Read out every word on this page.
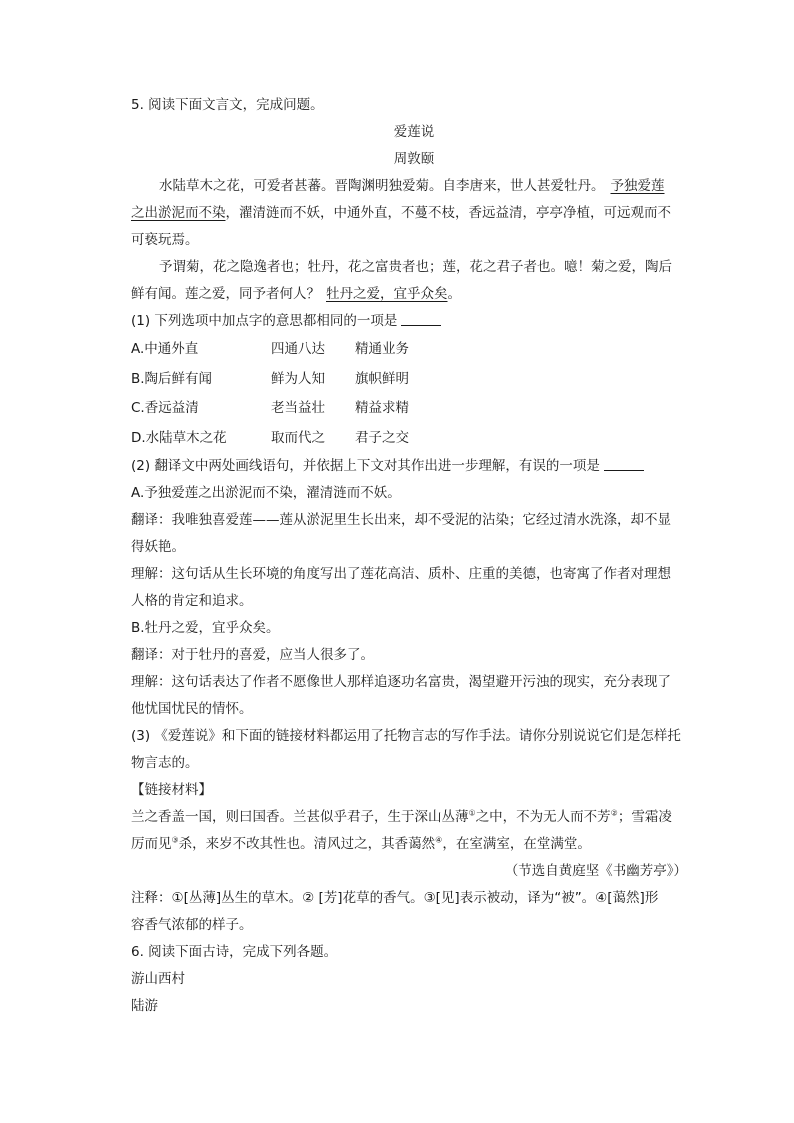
5. 阅读下面文言文，完成问题。
爱莲说
周敦颐
水陆草木之花，可爱者甚蕃。晋陶渊明独爱菊。自李唐来，世人甚爱牡丹。 予独爱莲
之出淤泥而不染，濯清涟而不妖，中通外直，不蔓不枝，香远益清，亭亭净植，可远观而不
可亵玩焉。
予谓菊，花之隐逸者也；牡丹，花之富贵者也；莲，花之君子者也。噫！菊之爱，陶后
鲜有闻。莲之爱，同予者何人？ 牡丹之爱，宜乎众矣。
(1) 下列选项中加点字的意思都相同的一项是
A.中通外直	四通八达	精通业务
B.陶后鲜有闻	鲜为人知	旗帜鲜明
C.香远益清	老当益壮	精益求精
D.水陆草木之花	取而代之	君子之交
(2) 翻译文中两处画线语句，并依据上下文对其作出进一步理解，有误的一项是
A.予独爱莲之出淤泥而不染，濯清涟而不妖。
翻译：我唯独喜爱莲——莲从淤泥里生长出来，却不受泥的沾染；它经过清水洗涤，却不显
得妖艳。
理解：这句话从生长环境的角度写出了莲花高洁、质朴、庄重的美德，也寄寓了作者对理想
人格的肯定和追求。
B.牡丹之爱，宜乎众矣。
翻译：对于牡丹的喜爱，应当人很多了。
理解：这句话表达了作者不愿像世人那样追逐功名富贵，渴望避开污浊的现实，充分表现了
他忧国忧民的情怀。
(3) 《爱莲说》和下面的链接材料都运用了托物言志的写作手法。请你分别说说它们是怎样托
物言志的。
【链接材料】
兰之香盖一国，则曰国香。兰甚似乎君子，生于深山丛薄①之中，不为无人而不芳②；雪霜凌
厉而见③杀，来岁不改其性也。清风过之，其香蔼然④，在室满室，在堂满堂。
（节选自黄庭坚《书幽芳亭》）
注释：①[丛薄]丛生的草木。② [芳]花草的香气。③[见]表示被动，译为“被”。④[蔼然]形
容香气浓郁的样子。
6. 阅读下面古诗，完成下列各题。
游山西村
陆游
